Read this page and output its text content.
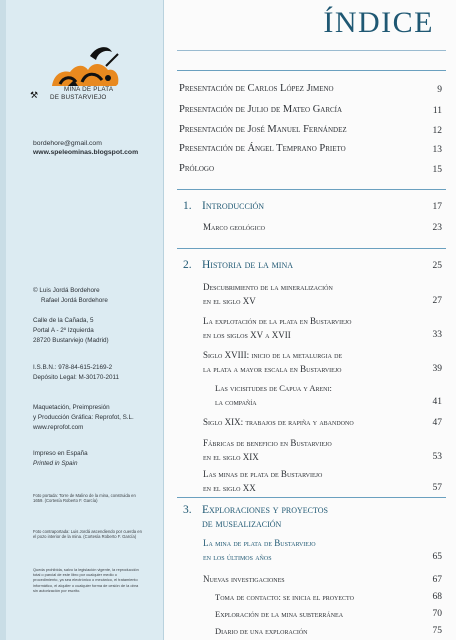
MINA DE PLATA
DE BUSTARVIEJO
⚒
bordehore@gmail.com
www.speleominas.blogspot.com
© Luis Jordá Bordehore
Rafael Jordá Bordehore
Calle de la Cañada, 5
Portal A - 2º Izquierda
28720 Bustarviejo (Madrid)
I.S.B.N.: 978-84-615-2169-2
Depósito Legal: M-30170-2011
Maquetación, Preimpresión
y Producción Gráfica: Reprofot, S.L.
www.reprofot.com
Impreso en España
Printed in Spain
Foto portada: Torre de Malino de la mina, construida en 1659. (Cortesía Roberto F. García)
Foto contraportada: Luis Jordá ascendiendo por cuerda en el pozo interior de la mina. (Cortesía Roberto F. García)
Queda prohibida, salvo la legislación vigente, la reproducción total o parcial de este libro por cualquier medio o procedimiento, ya sea electrónico o mecánico, el tratamiento informático, el alquiler o cualquier forma de cesión de la obra sin autorización por escrito.
ÍNDICE
Presentación de Carlos López Jimeno	9
Presentación de Julio de Mateo García	11
Presentación de José Manuel Fernández	12
Presentación de Ángel Temprano Prieto	13
Prólogo	15
1. Introducción	17
Marco geológico	23
2. Historia de la mina	25
Descubrimiento de la mineralización
en el siglo XV	27
La explotación de la plata en Bustarviejo
en los siglos XV a XVII	33
Siglo XVIII: inicio de la metalurgia de
la plata a mayor escala en Bustarviejo	39
Las vicisitudes de Capua y Areni:
la compañía	41
Siglo XIX: trabajos de rapiña y abandono	47
Fábricas de beneficio en Bustarviejo
en el siglo XIX	53
Las minas de plata de Bustarviejo
en el siglo XX	57
3. Exploraciones y proyectos
de musealización
La mina de plata de Bustarviejo
en los últimos años	65
Nuevas investigaciones	67
Toma de contacto: se inicia el proyecto	68
Exploración de la mina subterránea	70
Diario de una exploración	75
